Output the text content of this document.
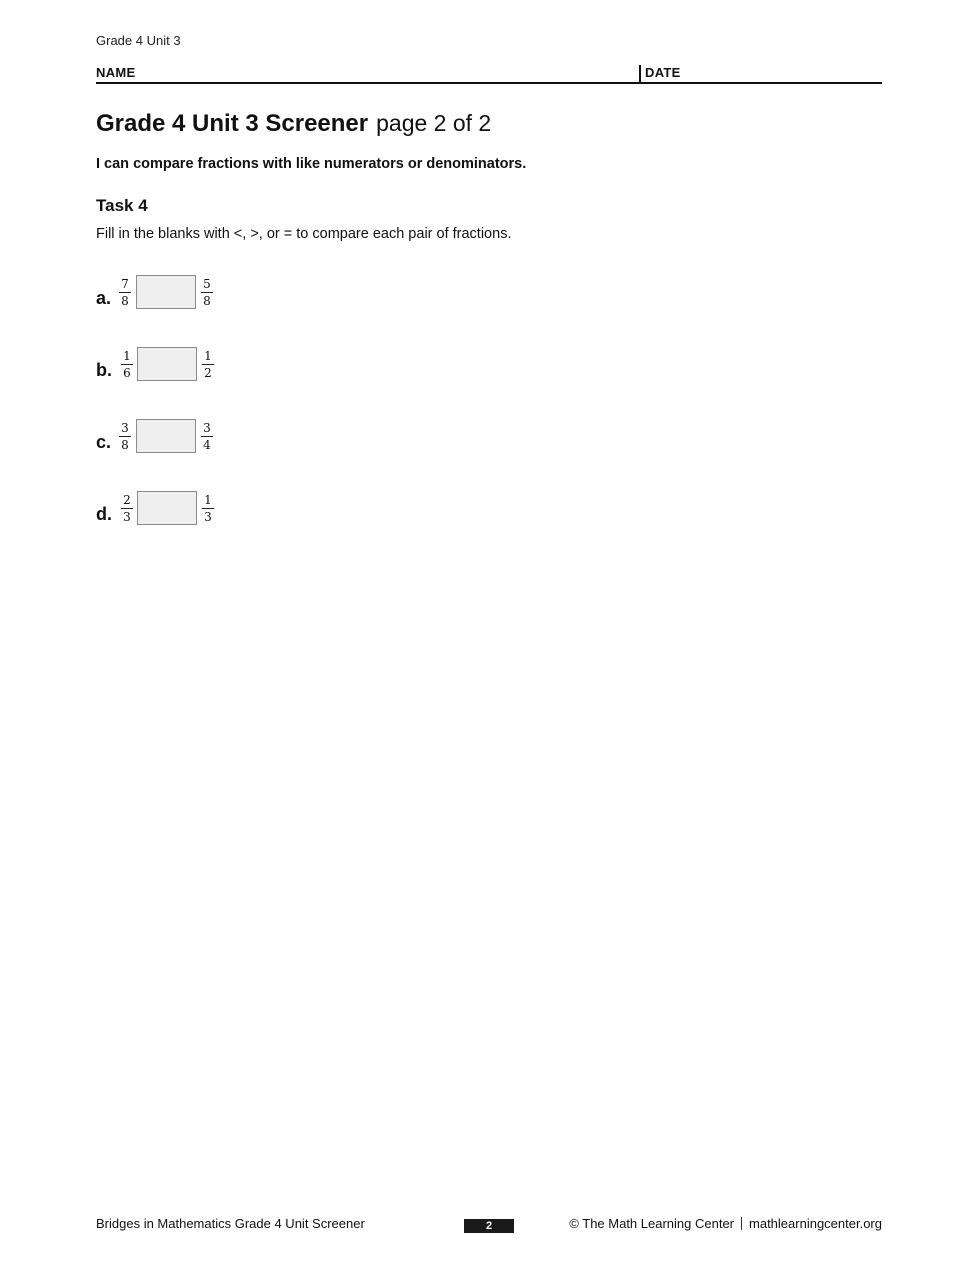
Grade 4 Unit 3
NAME	DATE
Grade 4 Unit 3 Screener page 2 of 2
I can compare fractions with like numerators or denominators.
Task 4
Fill in the blanks with <, >, or = to compare each pair of fractions.
a. $\frac{7}{8}$	$\frac{5}{8}$
b. $\frac{1}{6}$	$\frac{1}{2}$
c. $\frac{3}{8}$	$\frac{3}{4}$
d. $\frac{2}{3}$	$\frac{1}{3}$
Bridges in Mathematics Grade 4 Unit Screener	2	© The Math Learning Center mathlearningcenter.org
